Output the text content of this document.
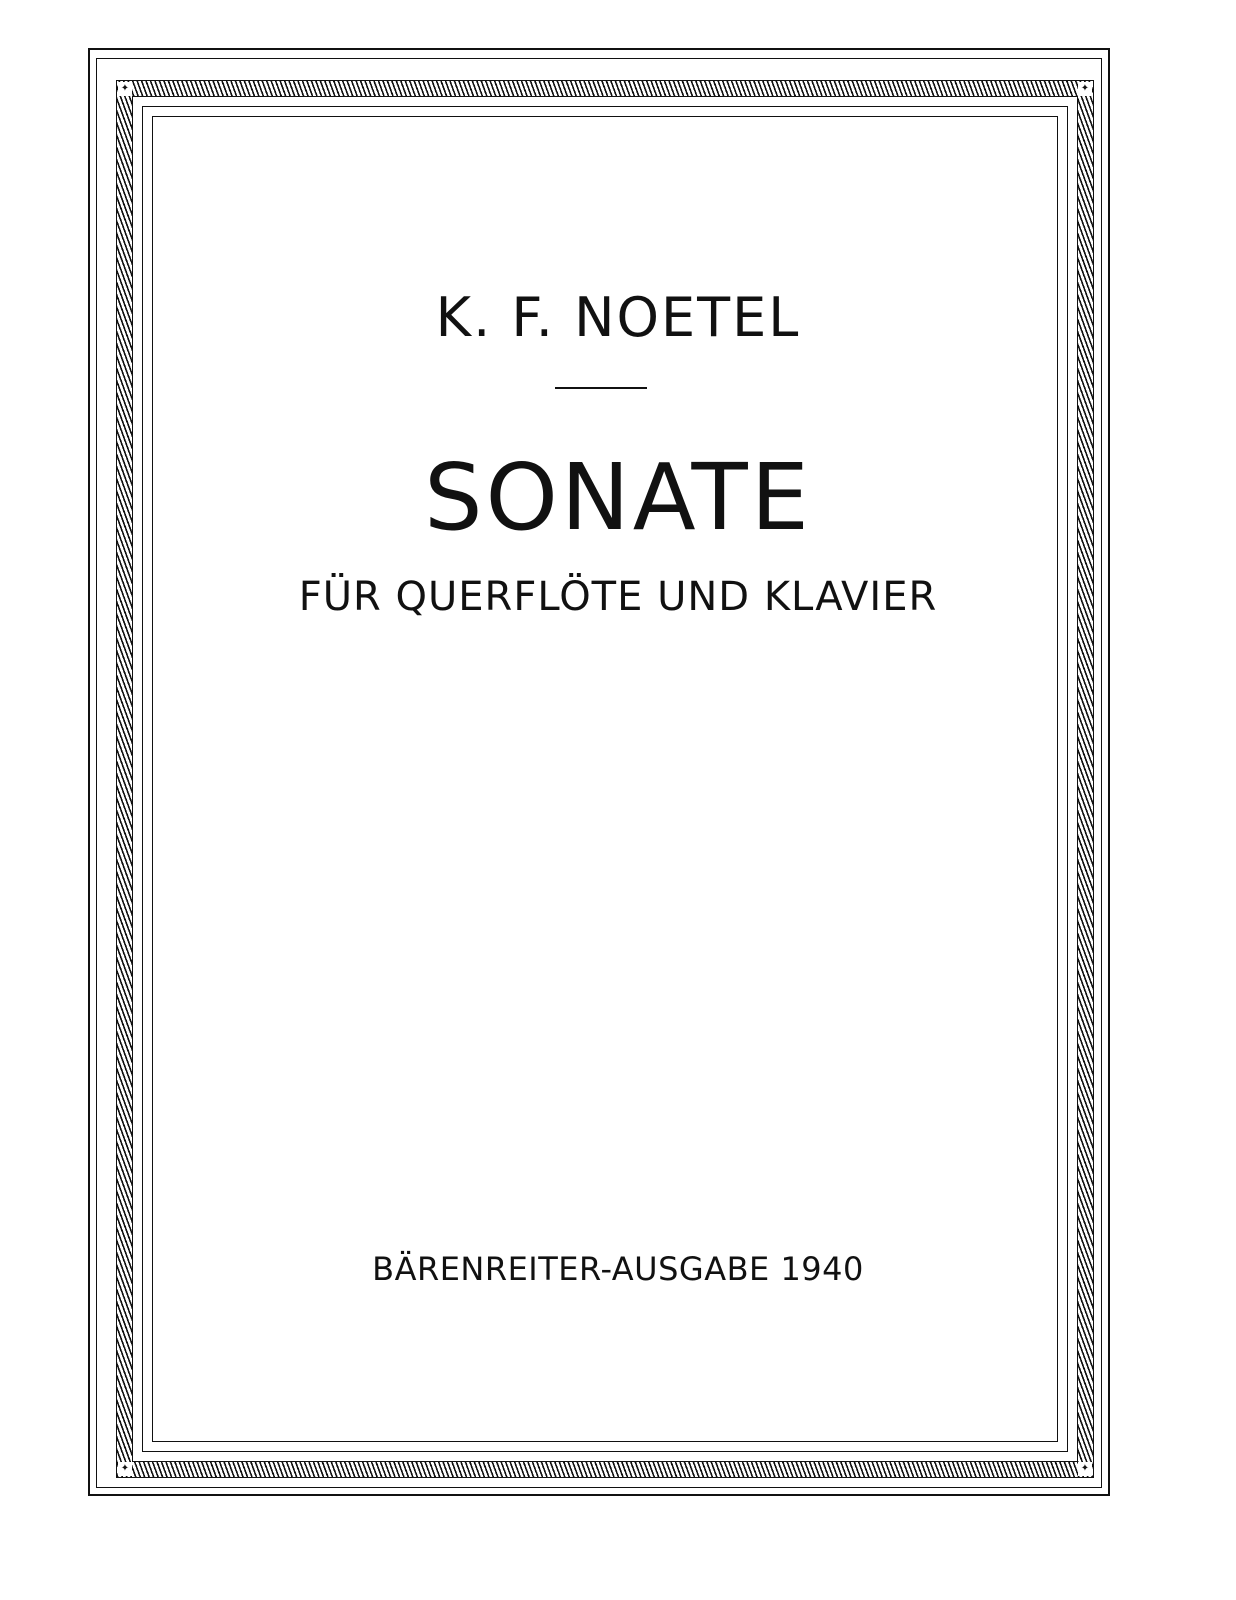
✦	✦
✦	✦
K. F. NOETEL
SONATE
FÜR QUERFLÖTE UND KLAVIER
BÄRENREITER-AUSGABE 1940
